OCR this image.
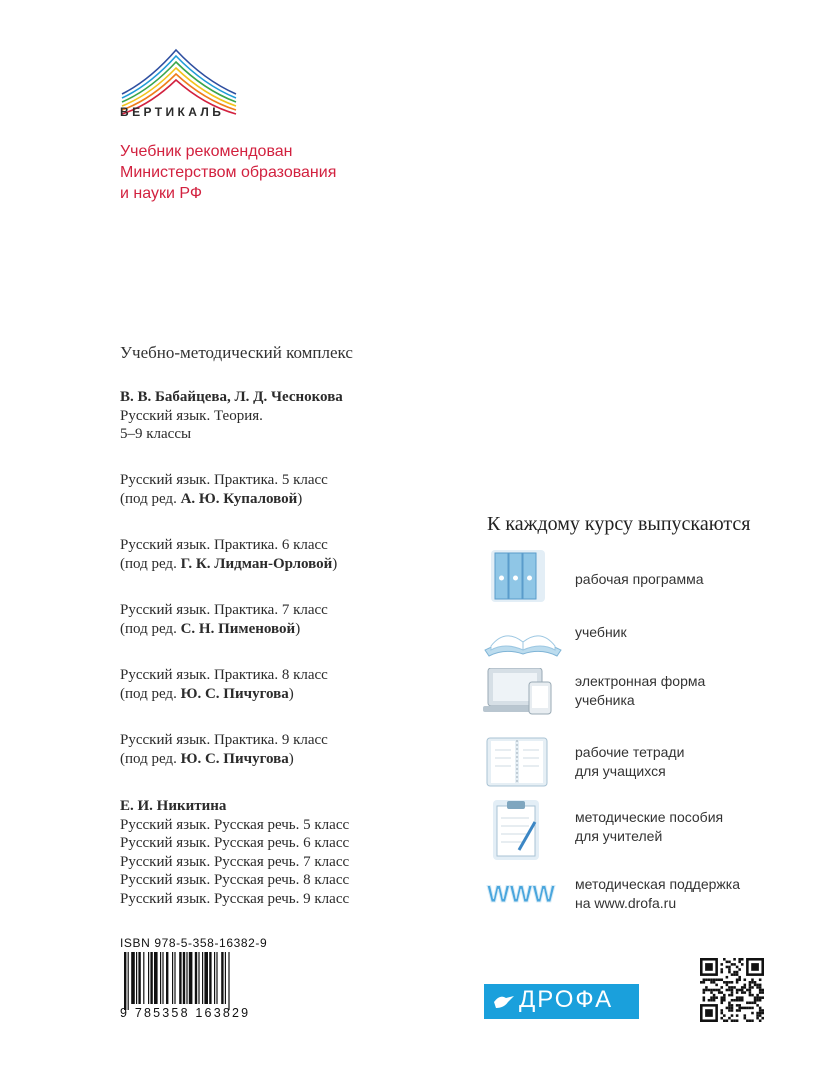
ВЕРТИКАЛЬ
Учебник рекомендован
Министерством образования
и науки РФ
Учебно-методический комплекс
В. В. Бабайцева, Л. Д. Чеснокова
Русский язык. Теория.
5–9 классы
Русский язык. Практика. 5 класс
(под ред. А. Ю. Купаловой)
Русский язык. Практика. 6 класс
(под ред. Г. К. Лидман-Орловой)
Русский язык. Практика. 7 класс
(под ред. С. Н. Пименовой)
Русский язык. Практика. 8 класс
(под ред. Ю. С. Пичугова)
Русский язык. Практика. 9 класс
(под ред. Ю. С. Пичугова)
Е. И. Никитина
Русский язык. Русская речь. 5 класс
Русский язык. Русская речь. 6 класс
Русский язык. Русская речь. 7 класс
Русский язык. Русская речь. 8 класс
Русский язык. Русская речь. 9 класс
К каждому курсу выпускаются
рабочая программа
учебник
электронная форма
учебника
рабочие тетради
для учащихся
методические пособия
для учителей
WWW методическая поддержка
на www.drofa.ru
ISBN 978-5-358-16382-9
9 785358 163829	ДРОФА
